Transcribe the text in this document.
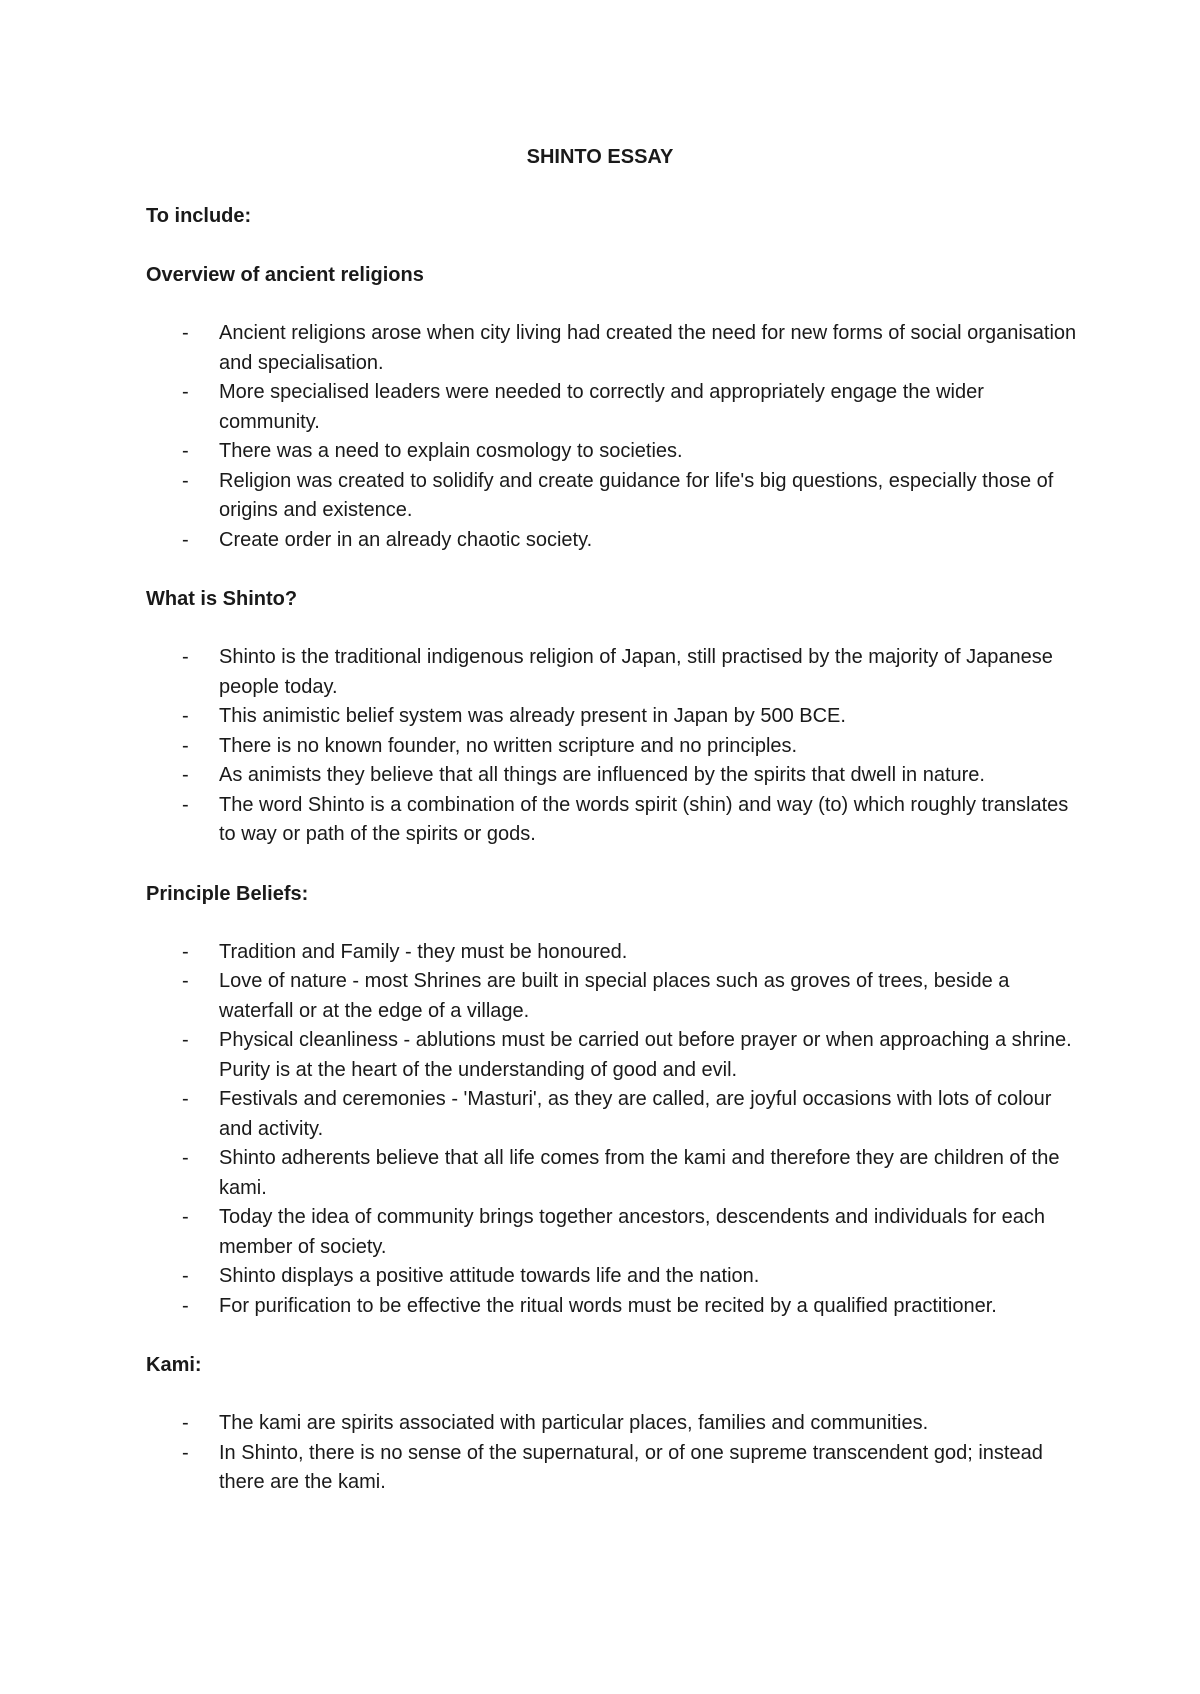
SHINTO ESSAY
To include:
Overview of ancient religions
- Ancient religions arose when city living had created the need for new forms of social organisation and specialisation.
- More specialised leaders were needed to correctly and appropriately engage the wider community.
- There was a need to explain cosmology to societies.
- Religion was created to solidify and create guidance for life's big questions, especially those of origins and existence.
- Create order in an already chaotic society.
What is Shinto?
- Shinto is the traditional indigenous religion of Japan, still practised by the majority of Japanese people today.
- This animistic belief system was already present in Japan by 500 BCE.
- There is no known founder, no written scripture and no principles.
- As animists they believe that all things are influenced by the spirits that dwell in nature.
- The word Shinto is a combination of the words spirit (shin) and way (to) which roughly translates to way or path of the spirits or gods.
Principle Beliefs:
- Tradition and Family - they must be honoured.
- Love of nature - most Shrines are built in special places such as groves of trees, beside a waterfall or at the edge of a village.
- Physical cleanliness - ablutions must be carried out before prayer or when approaching a shrine. Purity is at the heart of the understanding of good and evil.
- Festivals and ceremonies - 'Masturi', as they are called, are joyful occasions with lots of colour and activity.
- Shinto adherents believe that all life comes from the kami and therefore they are children of the kami.
- Today the idea of community brings together ancestors, descendents and individuals for each member of society.
- Shinto displays a positive attitude towards life and the nation.
- For purification to be effective the ritual words must be recited by a qualified practitioner.
Kami:
- The kami are spirits associated with particular places, families and communities.
- In Shinto, there is no sense of the supernatural, or of one supreme transcendent god; instead there are the kami.
